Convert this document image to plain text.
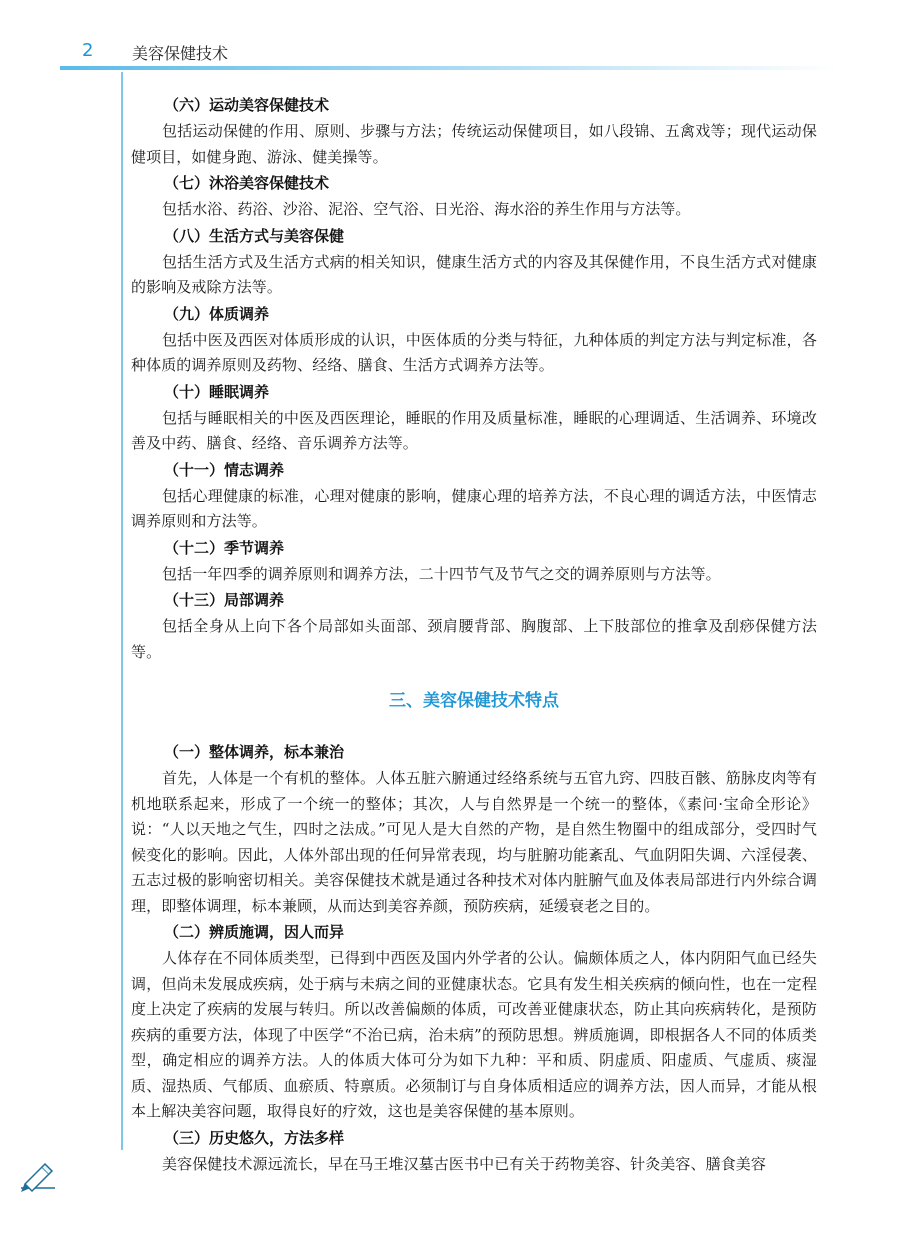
2 美容保健技术
（六）运动美容保健技术

包括运动保健的作用、原则、步骤与方法；传统运动保健项目，如八段锦、五禽戏等；现代运动保健项目，如健身跑、游泳、健美操等。

（七）沐浴美容保健技术

包括水浴、药浴、沙浴、泥浴、空气浴、日光浴、海水浴的养生作用与方法等。

（八）生活方式与美容保健

包括生活方式及生活方式病的相关知识，健康生活方式的内容及其保健作用，不良生活方式对健康的影响及戒除方法等。

（九）体质调养

包括中医及西医对体质形成的认识，中医体质的分类与特征，九种体质的判定方法与判定标准，各种体质的调养原则及药物、经络、膳食、生活方式调养方法等。

（十）睡眠调养

包括与睡眠相关的中医及西医理论，睡眠的作用及质量标准，睡眠的心理调适、生活调养、环境改善及中药、膳食、经络、音乐调养方法等。

（十一）情志调养

包括心理健康的标准，心理对健康的影响，健康心理的培养方法，不良心理的调适方法，中医情志调养原则和方法等。

（十二）季节调养

包括一年四季的调养原则和调养方法，二十四节气及节气之交的调养原则与方法等。

（十三）局部调养

包括全身从上向下各个局部如头面部、颈肩腰背部、胸腹部、上下肢部位的推拿及刮痧保健方法等。

三、美容保健技术特点
（一）整体调养，标本兼治

首先，人体是一个有机的整体。人体五脏六腑通过经络系统与五官九窍、四肢百骸、筋脉皮肉等有机地联系起来，形成了一个统一的整体；其次，人与自然界是一个统一的整体，《素问·宝命全形论》说：“人以天地之气生，四时之法成。”可见人是大自然的产物，是自然生物圈中的组成部分，受四时气候变化的影响。因此，人体外部出现的任何异常表现，均与脏腑功能紊乱、气血阴阳失调、六淫侵袭、五志过极的影响密切相关。美容保健技术就是通过各种技术对体内脏腑气血及体表局部进行内外综合调理，即整体调理，标本兼顾，从而达到美容养颜，预防疾病，延缓衰老之目的。

（二）辨质施调，因人而异

人体存在不同体质类型，已得到中西医及国内外学者的公认。偏颇体质之人，体内阴阳气血已经失调，但尚未发展成疾病，处于病与未病之间的亚健康状态。它具有发生相关疾病的倾向性，也在一定程度上决定了疾病的发展与转归。所以改善偏颇的体质，可改善亚健康状态，防止其向疾病转化，是预防疾病的重要方法，体现了中医学“不治已病，治未病”的预防思想。辨质施调，即根据各人不同的体质类型，确定相应的调养方法。人的体质大体可分为如下九种：平和质、阴虚质、阳虚质、气虚质、痰湿质、湿热质、气郁质、血瘀质、特禀质。必须制订与自身体质相适应的调养方法，因人而异，才能从根本上解决美容问题，取得良好的疗效，这也是美容保健的基本原则。

（三）历史悠久，方法多样

美容保健技术源远流长，早在马王堆汉墓古医书中已有关于药物美容、针灸美容、膳食美容
